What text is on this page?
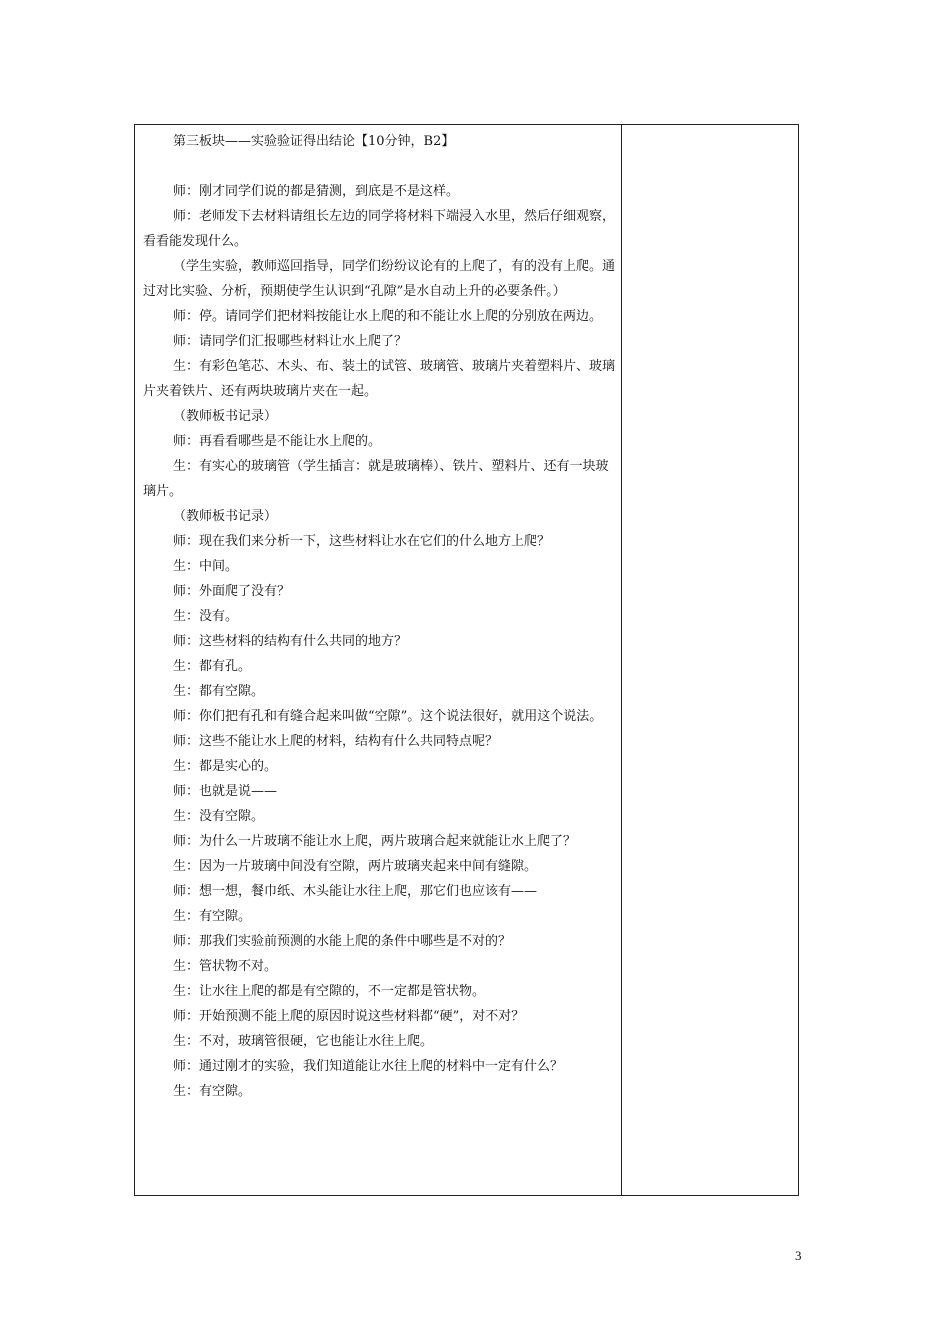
第三板块——实验验证得出结论【10分钟，B2】

师：刚才同学们说的都是猜测，到底是不是这样。

师：老师发下去材料请组长左边的同学将材料下端浸入水里，然后仔细观察，看看能发现什么。

（学生实验，教师巡回指导，同学们纷纷议论有的上爬了，有的没有上爬。通过对比实验、分析，预期使学生认识到“孔隙”是水自动上升的必要条件。）

师：停。请同学们把材料按能让水上爬的和不能让水上爬的分别放在两边。

师：请同学们汇报哪些材料让水上爬了？

生：有彩色笔芯、木头、布、装土的试管、玻璃管、玻璃片夹着塑料片、玻璃片夹着铁片、还有两块玻璃片夹在一起。

（教师板书记录）

师：再看看哪些是不能让水上爬的。

生：有实心的玻璃管（学生插言：就是玻璃棒）、铁片、塑料片、还有一块玻璃片。

（教师板书记录）

师：现在我们来分析一下，这些材料让水在它们的什么地方上爬？

生：中间。

师：外面爬了没有？

生：没有。

师：这些材料的结构有什么共同的地方？

生：都有孔。

生：都有空隙。

师：你们把有孔和有缝合起来叫做“空隙”。这个说法很好，就用这个说法。

师：这些不能让水上爬的材料，结构有什么共同特点呢？

生：都是实心的。

师：也就是说——

生：没有空隙。

师：为什么一片玻璃不能让水上爬，两片玻璃合起来就能让水上爬了？

生：因为一片玻璃中间没有空隙，两片玻璃夹起来中间有缝隙。

师：想一想，餐巾纸、木头能让水往上爬，那它们也应该有——

生：有空隙。

师：那我们实验前预测的水能上爬的条件中哪些是不对的？

生：管状物不对。

生：让水往上爬的都是有空隙的，不一定都是管状物。

师：开始预测不能上爬的原因时说这些材料都“硬”，对不对？

生：不对，玻璃管很硬，它也能让水往上爬。

师：通过刚才的实验，我们知道能让水往上爬的材料中一定有什么？

生：有空隙。

3
